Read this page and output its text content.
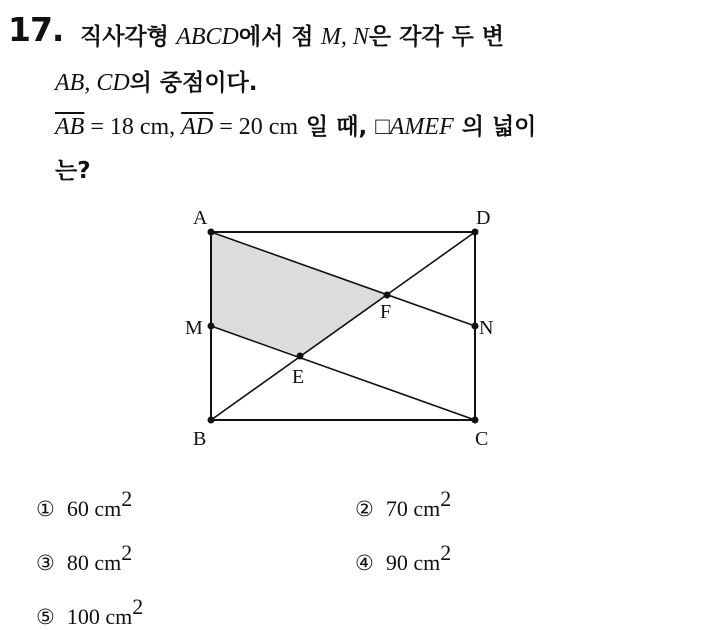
17. 직사각형 ABCD에서 점 M, N은 각각 두 변
AB, CD의 중점이다.
$\overline{AB} = 18$ cm, $\overline{AD} = 20$ cm 일 때, □AMEF 의 넓이
는?
A	D
M	N
E
F
B	C
① 60 $cm^2$	② 70 $cm^2$
③ 80 $cm^2$	④ 90 $cm^2$
⑤ 100 $cm^2$
